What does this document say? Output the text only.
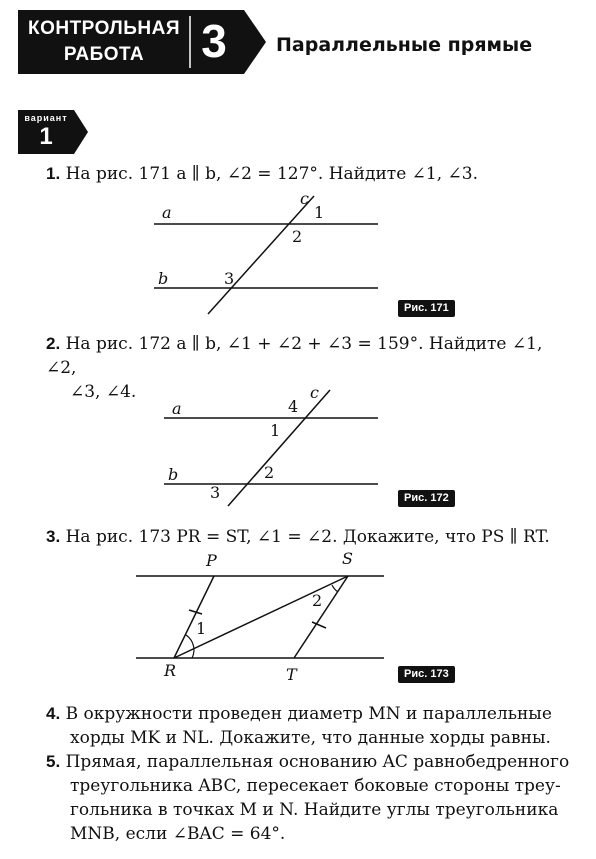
КОНТРОЛЬНАЯ
РАБОТА	3	Параллельные прямые
вариант
1
1. На рис. 171 a ∥ b, ∠2 = 127°. Найдите ∠1, ∠3.
a
b
c
1
2
3
Рис. 171
2. На рис. 172 a ∥ b, ∠1 + ∠2 + ∠3 = 159°. Найдите ∠1, ∠2,
∠3, ∠4.
a
b
c
1
2
3
4
Рис. 172
3. На рис. 173 PR = ST, ∠1 = ∠2. Докажите, что PS ∥ RT.
P	S
R	T
1
2
Рис. 173
4. В окружности проведен диаметр MN и параллельные
хорды MK и NL. Докажите, что данные хорды равны.
5. Прямая, параллельная основанию AC равнобедренного
треугольника ABC, пересекает боковые стороны треу-
гольника в точках M и N. Найдите углы треугольника
MNB, если ∠BAC = 64°.
